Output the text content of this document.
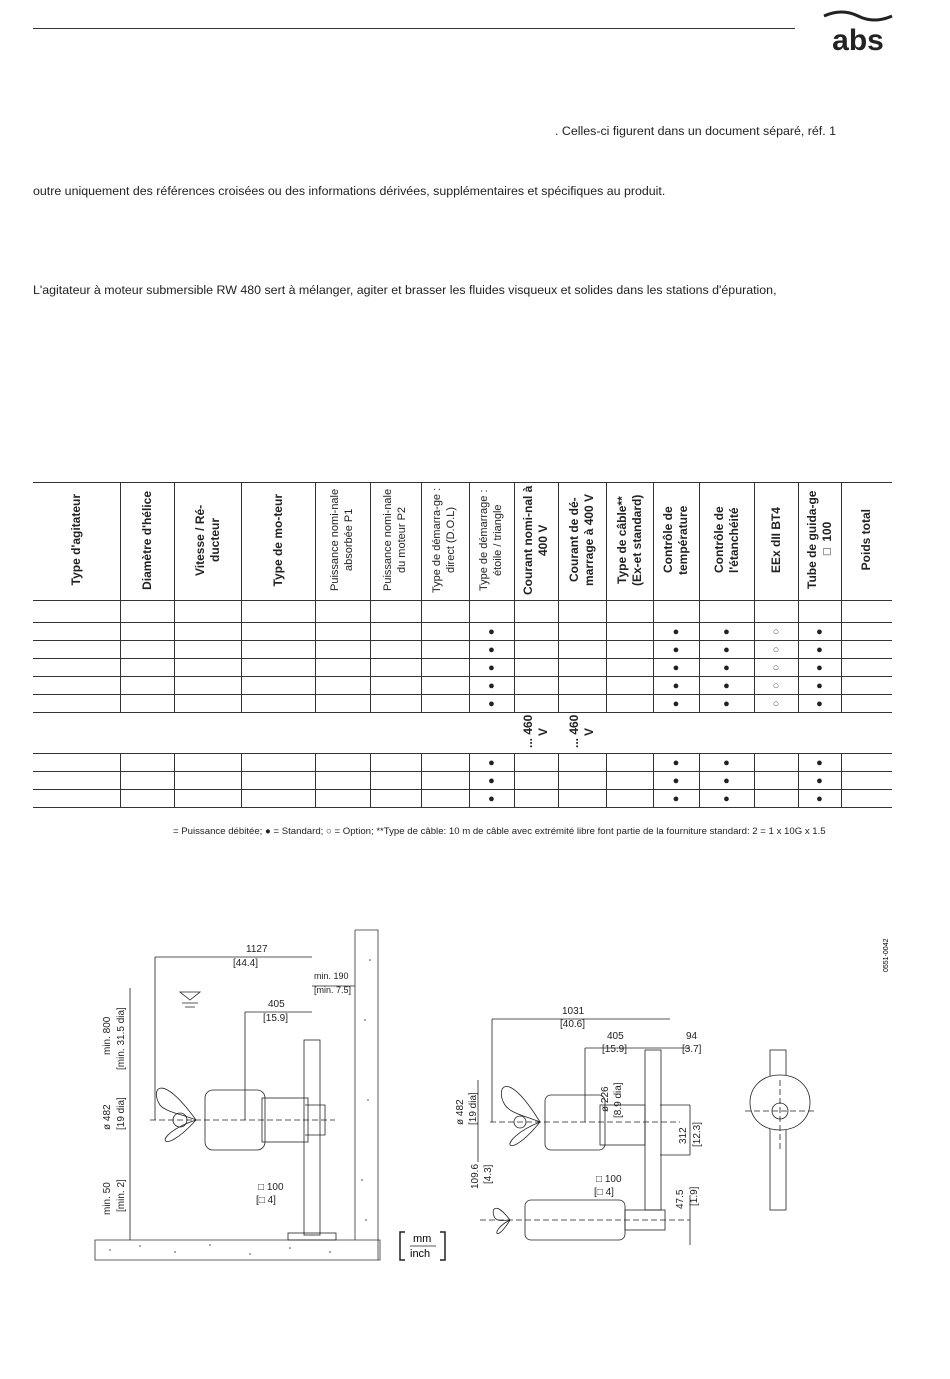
abs
. Celles-ci figurent dans un document séparé, réf. 1
outre uniquement des références croisées ou des informations dérivées, supplémentaires et spécifiques au produit.
L'agitateur à moteur submersible RW 480 sert à mélanger, agiter et brasser les fluides visqueux et solides dans les stations d'épuration,
Type d'agitateur	Diamètre d'hélice	Vitesse / Ré-ducteur	Type de mo-teur	Puissance nomi-nale absorbée P1	Puissance nomi-nale du moteur P2	Type de démarra-ge : direct (D.O.L)	Type de démarrage : étoile / triangle	Courant nomi-nal à 400 V	Courant de dé-marrage à 400 V	Type de câble** (Ex-et standard)	Contrôle de température	Contrôle de l'étanchéité	EEx dII BT4	Tube de guida-ge □ 100	Poids total

							●				●	●	○	●	
							●				●	●	○	●	
							●				●	●	○	●	
							●				●	●	○	●	
							●				●	●	○	●	
								... 460 V	... 460 V						
							●				●	●		●	
							●				●	●		●	
							●				●	●		●	
= Puissance débitée; ● = Standard; ○ = Option; **Type de câble: 10 m de câble avec extrémité libre font partie de la fourniture standard: 2 = 1 x 10G x 1.5
1127
[44.4]
min. 190
[min. 7.5]
405
[15.9]
□ 100
[□ 4]
min. 800 [min. 31.5 dia]
ø 482 [19 dia]
min. 50 [min. 2]
mm
inch
1031
[40.6]
405
[15.9]
94
[3.7]
□ 100
[□ 4]
ø 482 [19 dia]	ø 226 [8.9 dia]
312 [12.3]
109.6 [4.3]
47.5 [1.9]
0551-0042
